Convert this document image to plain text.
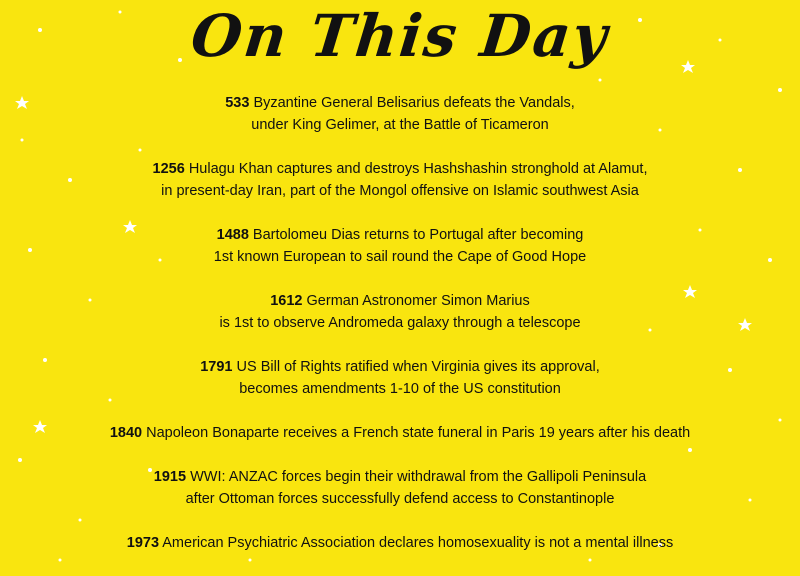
On This Day
533 Byzantine General Belisarius defeats the Vandals,
under King Gelimer, at the Battle of Ticameron
1256 Hulagu Khan captures and destroys Hashshashin stronghold at Alamut,
in present-day Iran, part of the Mongol offensive on Islamic southwest Asia
1488 Bartolomeu Dias returns to Portugal after becoming
1st known European to sail round the Cape of Good Hope
1612 German Astronomer Simon Marius
is 1st to observe Andromeda galaxy through a telescope
1791 US Bill of Rights ratified when Virginia gives its approval,
becomes amendments 1-10 of the US constitution
1840 Napoleon Bonaparte receives a French state funeral in Paris 19 years after his death
1915 WWI: ANZAC forces begin their withdrawal from the Gallipoli Peninsula
after Ottoman forces successfully defend access to Constantinople
1973 American Psychiatric Association declares homosexuality is not a mental illness
